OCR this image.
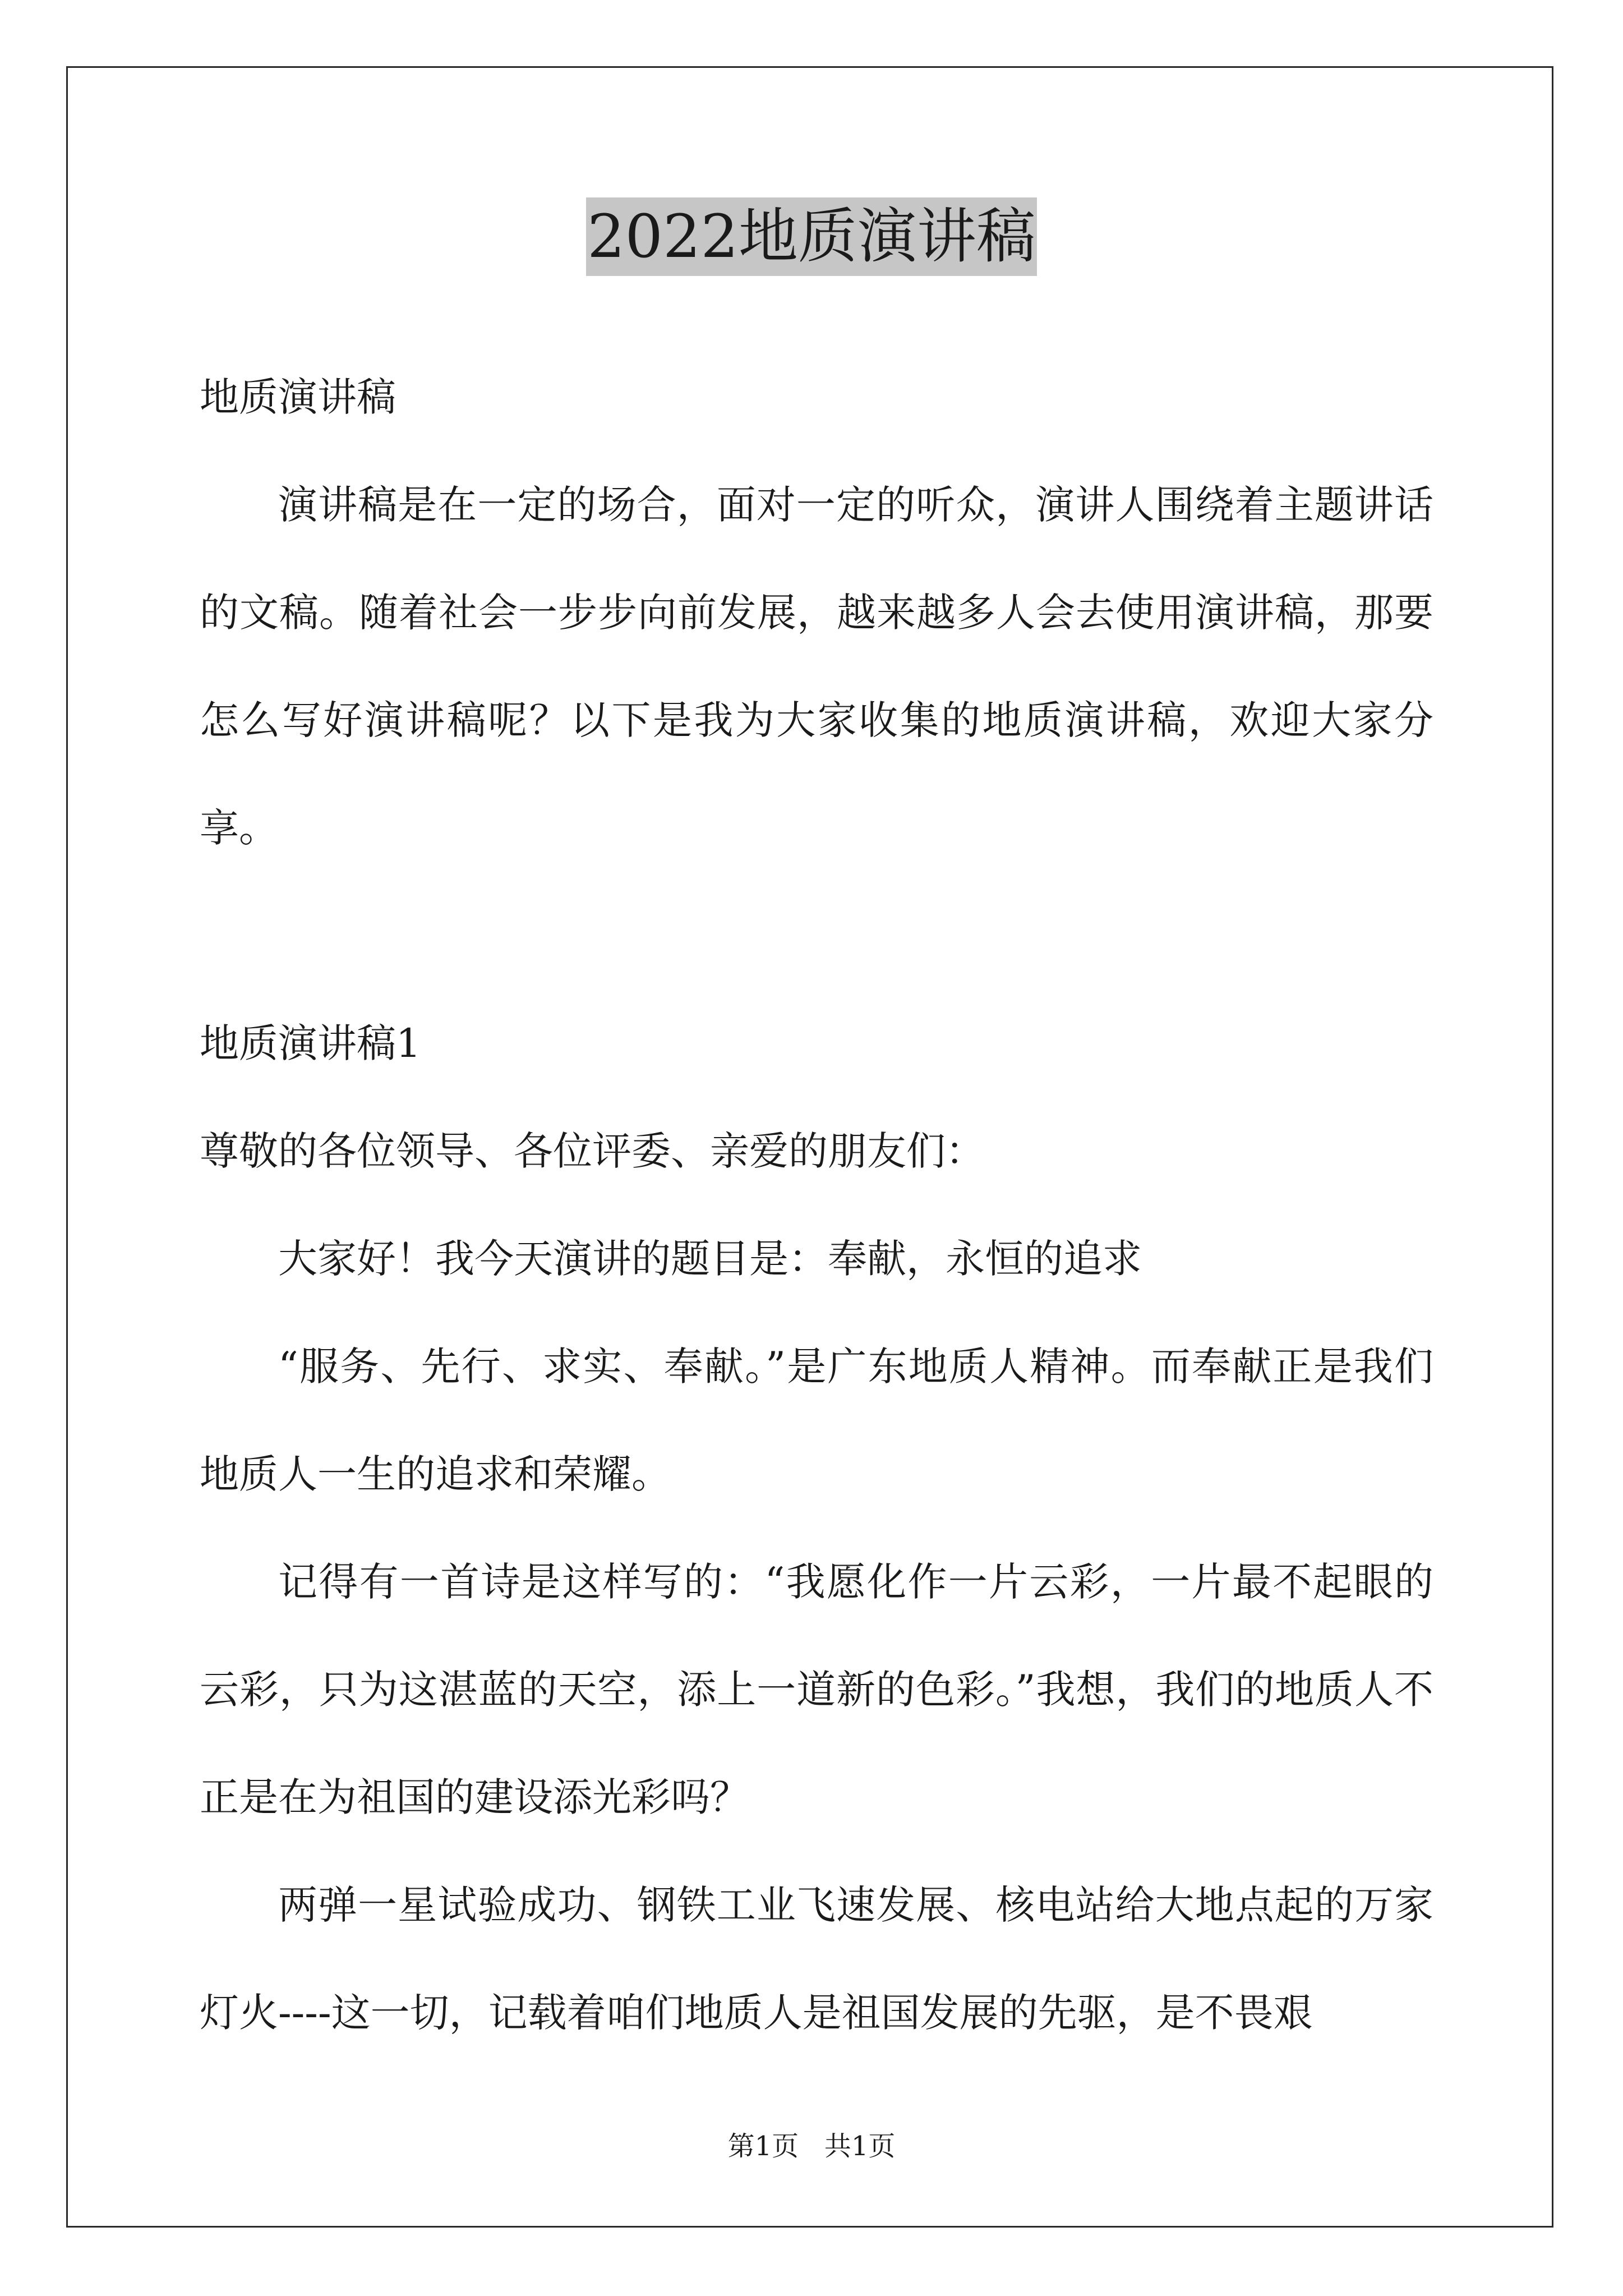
2022地质演讲稿

地质演讲稿

演讲稿是在一定的场合，面对一定的听众，演讲人围绕着主题讲话的文稿。随着社会一步步向前发展，越来越多人会去使用演讲稿，那要怎么写好演讲稿呢？以下是我为大家收集的地质演讲稿，欢迎大家分享。

地质演讲稿1

尊敬的各位领导、各位评委、亲爱的朋友们：

大家好！我今天演讲的题目是：奉献，永恒的追求

“服务、先行、求实、奉献。”是广东地质人精神。而奉献正是我们地质人一生的追求和荣耀。

记得有一首诗是这样写的：“我愿化作一片云彩，一片最不起眼的云彩，只为这湛蓝的天空，添上一道新的色彩。”我想，我们的地质人不正是在为祖国的建设添光彩吗？

两弹一星试验成功、钢铁工业飞速发展、核电站给大地点起的万家灯火----这一切，记载着咱们地质人是祖国发展的先驱，是不畏艰

第1页   共1页
